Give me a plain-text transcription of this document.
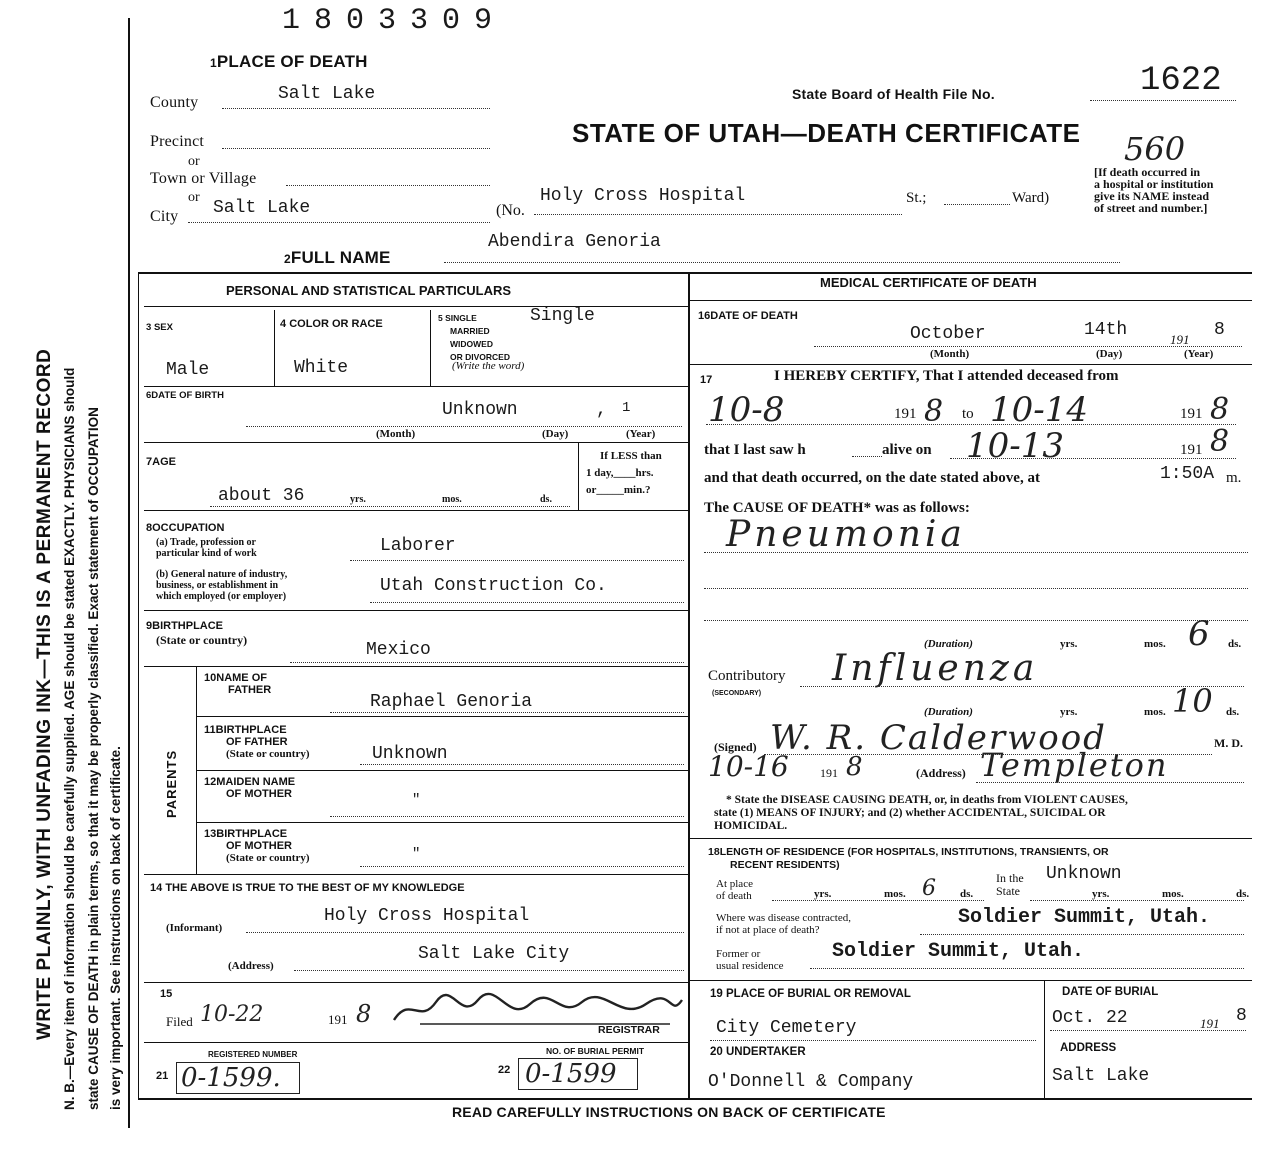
WRITE PLAINLY, WITH UNFADING INK—THIS IS A PERMANENT RECORD N. B.—Every item of information should be carefully supplied. AGE should be stated EXACTLY. PHYSICIANS should state CAUSE OF DEATH in plain terms, so that it may be properly classified. Exact statement of OCCUPATION is very important. See instructions on back of certificate.
1803309
1PLACE OF DEATH
County	Salt Lake
Precinct
or
Town or Village
or
City Salt Lake	(No.
Holy Cross Hospital	St.;	Ward)
[If death occurred in
a hospital or institution
give its NAME instead
of street and number.]
State Board of Health File No.	1622
STATE OF UTAH—DEATH CERTIFICATE 560
2FULL NAME
Abendira Genoria
PERSONAL AND STATISTICAL PARTICULARS
3 SEX
Male
4 COLOR OR RACE
White
5 SINGLE
MARRIED
WIDOWED
OR DIVORCED
(Write the word)
Single
6DATE OF BIRTH
Unknown	, 1
(Month)	(Day)	(Year)
7AGE
about 36	yrs.	mos.	ds.
If LESS than
1 day,____hrs.
or_____min.?
8OCCUPATION
(a) Trade, profession or
particular kind of work	Laborer
(b) General nature of industry,
business, or establishment in
which employed (or employer)
Utah Construction Co.
9BIRTHPLACE
(State or country)	Mexico
PARENTS
10NAME OF
FATHER
Raphael Genoria
11BIRTHPLACE
OF FATHER
(State or country)	Unknown
12MAIDEN NAME
OF MOTHER	"
13BIRTHPLACE
OF MOTHER
(State or country)	"
14 THE ABOVE IS TRUE TO THE BEST OF MY KNOWLEDGE
(Informant)
Holy Cross Hospital
(Address)
Salt Lake City
15
Filed 10-22	191 8
REGISTRAR
REGISTERED NUMBER
21 0-1599.
NO. OF BURIAL PERMIT
22 0-1599
MEDICAL CERTIFICATE OF DEATH
16DATE OF DEATH
October	14th	191 8
(Month)	(Day)	(Year)
17	I HEREBY CERTIFY, That I attended deceased from
10-8	191 8 to 10-14	191 8
that I last saw h	alive on 10-13	191 8
and that death occurred, on the date stated above, at	1:50A m.
The CAUSE OF DEATH* was as follows:
Pneumonia
(Duration)	yrs.	mos. 6 ds.
Contributory
(SECONDARY)
Influenza
(Duration)	yrs.	mos. 10 ds.
(Signed) W. R. Calderwood	M. D.
10-16	191 8	(Address) Templeton
* State the DISEASE CAUSING DEATH, or, in deaths from VIOLENT CAUSES,
state (1) MEANS OF INJURY; and (2) whether ACCIDENTAL, SUICIDAL OR
HOMICIDAL.
18LENGTH OF RESIDENCE (FOR HOSPITALS, INSTITUTIONS, TRANSIENTS, OR
RECENT RESIDENTS)
At place
of death	yrs.	mos. 6 ds.
In the
State
Unknown
yrs.	mos.	ds.
Where was disease contracted,
if not at place of death?
Soldier Summit, Utah.
Former or
usual residence
Soldier Summit, Utah.
19 PLACE OF BURIAL OR REMOVAL
City Cemetery
DATE OF BURIAL
Oct. 22	191 8
20 UNDERTAKER
O'Donnell & Company
ADDRESS
Salt Lake
READ CAREFULLY INSTRUCTIONS ON BACK OF CERTIFICATE
